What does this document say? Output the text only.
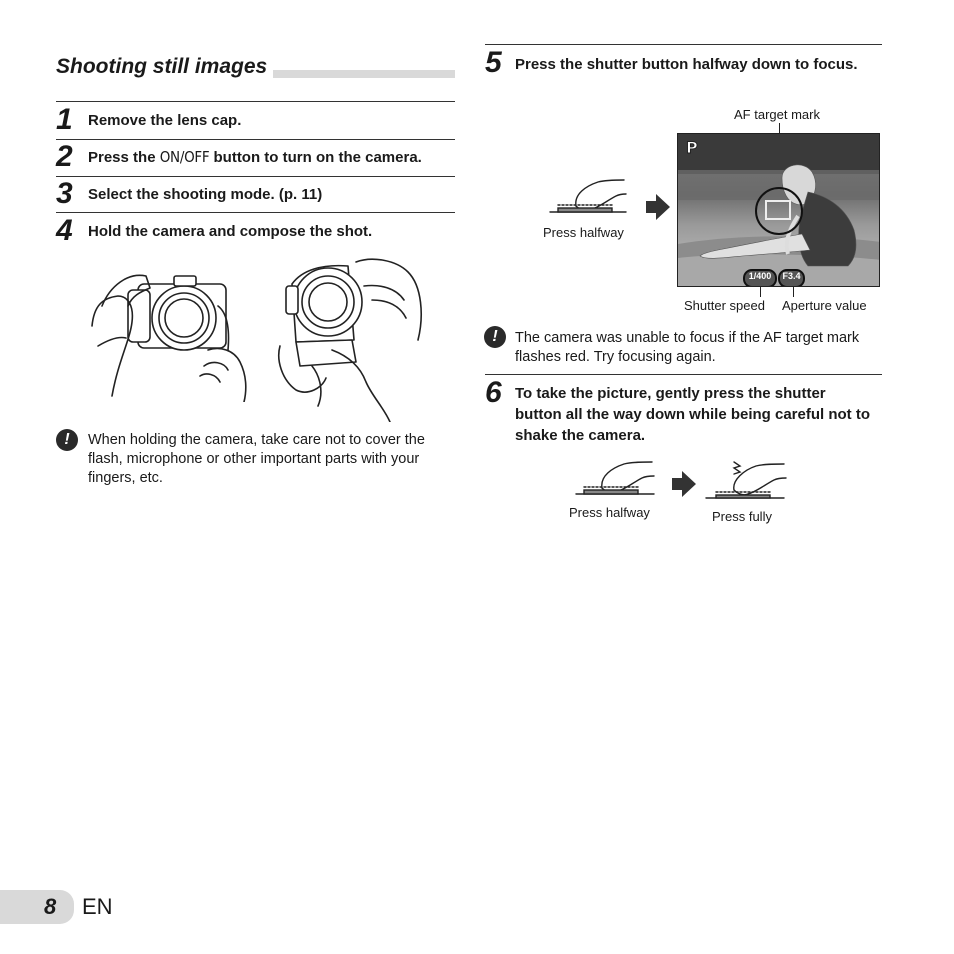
Shooting still images
1 Remove the lens cap.
2 Press the ON/OFF button to turn on the camera.
3 Select the shooting mode. (p. 11)
4 Hold the camera and compose the shot.
!	When holding the camera, take care not to cover the flash, microphone or other important parts with your fingers, etc.
5 Press the shutter button halfway down to focus.
Press halfway
AF target mark
P
1/400	F3.4
Shutter speed Aperture value
!	The camera was unable to focus if the AF target mark flashes red. Try focusing again.
6 To take the picture, gently press the shutter button all the way down while being careful not to shake the camera.
Press halfway	Press fully
8 EN
